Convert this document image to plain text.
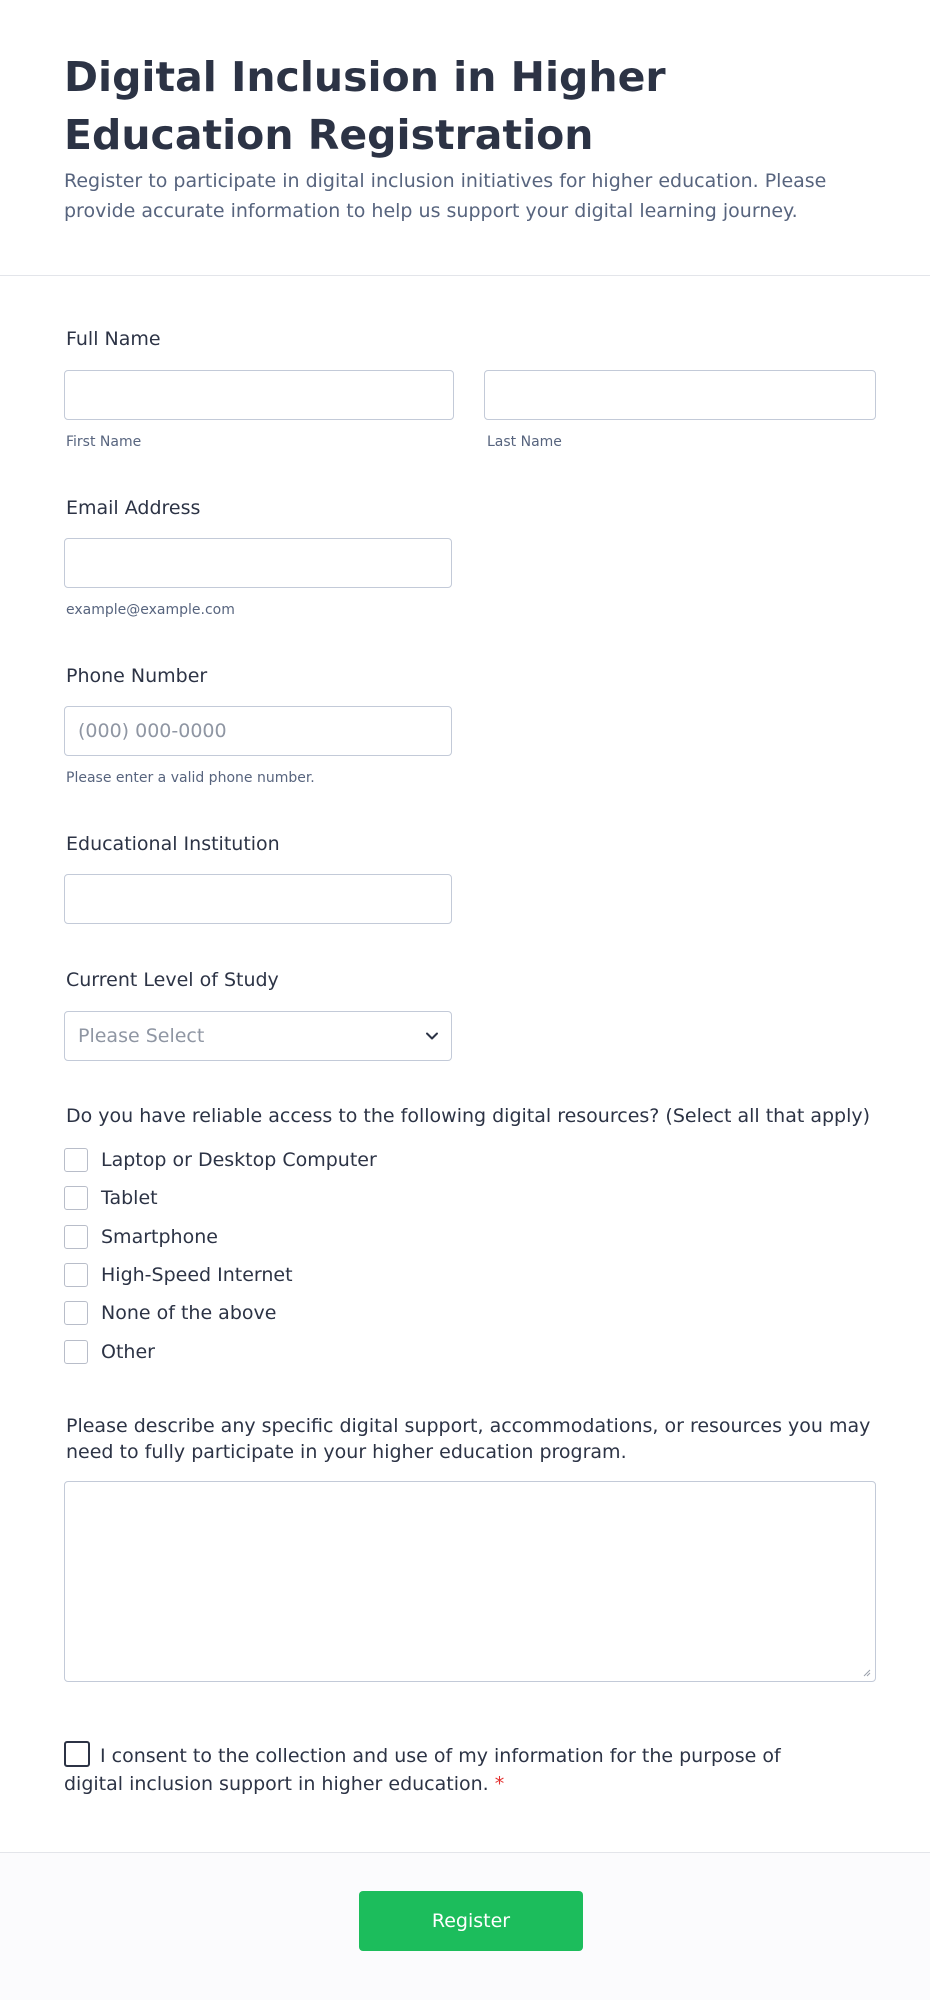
Digital Inclusion in Higher Education Registration

Register to participate in digital inclusion initiatives for higher education. Please provide accurate information to help us support your digital learning journey.

Full Name
First Name	Last Name
Email Address
example@example.com
Phone Number
(000) 000-0000
Please enter a valid phone number.
Educational Institution
Current Level of Study
Please Select
Do you have reliable access to the following digital resources? (Select all that apply)
Laptop or Desktop Computer
Tablet
Smartphone
High-Speed Internet
None of the above
Other
Please describe any specific digital support, accommodations, or resources you may need to fully participate in your higher education program.
I consent to the collection and use of my information for the purpose of digital inclusion support in higher education. *
Register
